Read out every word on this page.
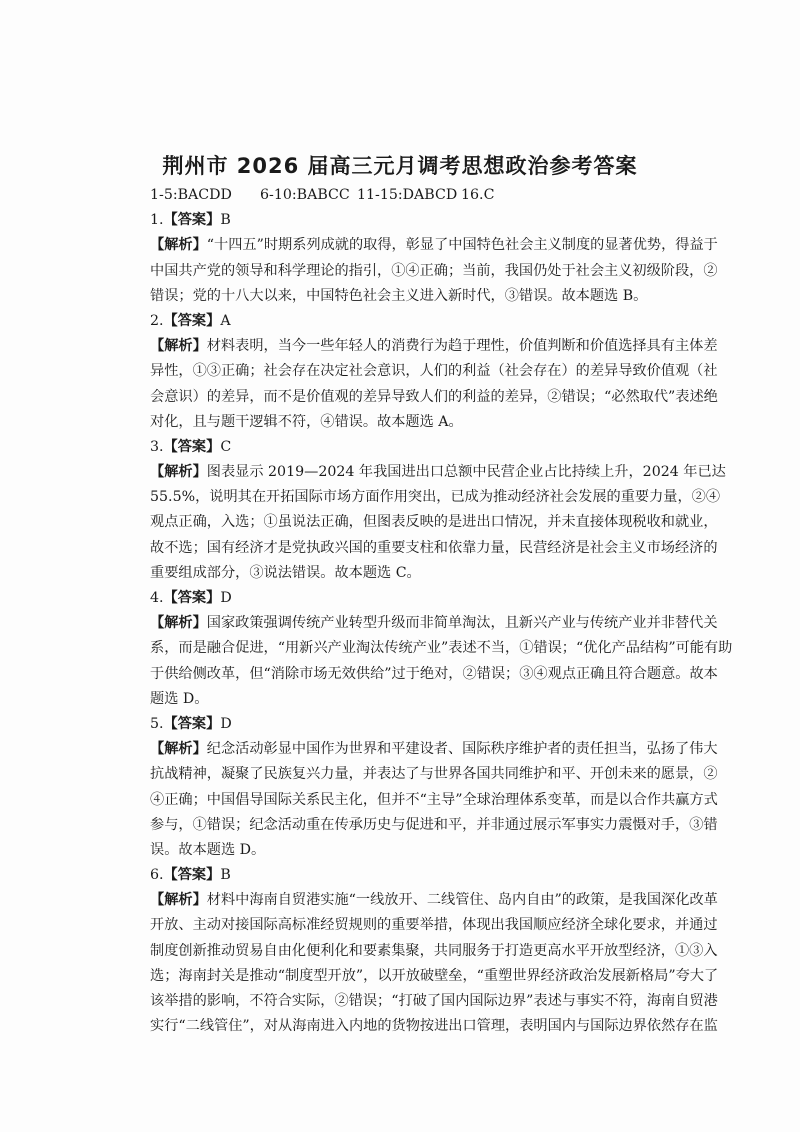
荆州市 2026 届高三元月调考思想政治参考答案
1-5:BACDD	6-10:BABCC 11-15:DABCD 16.C
1.【答案】B
【解析】“十四五”时期系列成就的取得，彰显了中国特色社会主义制度的显著优势，得益于
中国共产党的领导和科学理论的指引，①④正确；当前，我国仍处于社会主义初级阶段，②
错误；党的十八大以来，中国特色社会主义进入新时代，③错误。故本题选 B。
2.【答案】A
【解析】材料表明，当今一些年轻人的消费行为趋于理性，价值判断和价值选择具有主体差
异性，①③正确；社会存在决定社会意识，人们的利益（社会存在）的差异导致价值观（社
会意识）的差异，而不是价值观的差异导致人们的利益的差异，②错误；“必然取代”表述绝
对化，且与题干逻辑不符，④错误。故本题选 A。
3.【答案】C
【解析】图表显示 2019—2024 年我国进出口总额中民营企业占比持续上升，2024 年已达
55.5%，说明其在开拓国际市场方面作用突出，已成为推动经济社会发展的重要力量，②④
观点正确，入选；①虽说法正确，但图表反映的是进出口情况，并未直接体现税收和就业，
故不选；国有经济才是党执政兴国的重要支柱和依靠力量，民营经济是社会主义市场经济的
重要组成部分，③说法错误。故本题选 C。
4.【答案】D
【解析】国家政策强调传统产业转型升级而非简单淘汰，且新兴产业与传统产业并非替代关
系，而是融合促进，“用新兴产业淘汰传统产业”表述不当，①错误；“优化产品结构”可能有助
于供给侧改革，但“消除市场无效供给”过于绝对，②错误；③④观点正确且符合题意。故本
题选 D。
5.【答案】D
【解析】纪念活动彰显中国作为世界和平建设者、国际秩序维护者的责任担当，弘扬了伟大
抗战精神，凝聚了民族复兴力量，并表达了与世界各国共同维护和平、开创未来的愿景，②
④正确；中国倡导国际关系民主化，但并不“主导”全球治理体系变革，而是以合作共赢方式
参与，①错误；纪念活动重在传承历史与促进和平，并非通过展示军事实力震慑对手，③错
误。故本题选 D。
6.【答案】B
【解析】材料中海南自贸港实施“一线放开、二线管住、岛内自由”的政策，是我国深化改革
开放、主动对接国际高标准经贸规则的重要举措，体现出我国顺应经济全球化要求，并通过
制度创新推动贸易自由化便利化和要素集聚，共同服务于打造更高水平开放型经济，①③入
选；海南封关是推动“制度型开放”，以开放破壁垒，“重塑世界经济政治发展新格局”夸大了
该举措的影响，不符合实际，②错误；“打破了国内国际边界”表述与事实不符，海南自贸港
实行“二线管住”，对从海南进入内地的货物按进出口管理，表明国内与国际边界依然存在监
